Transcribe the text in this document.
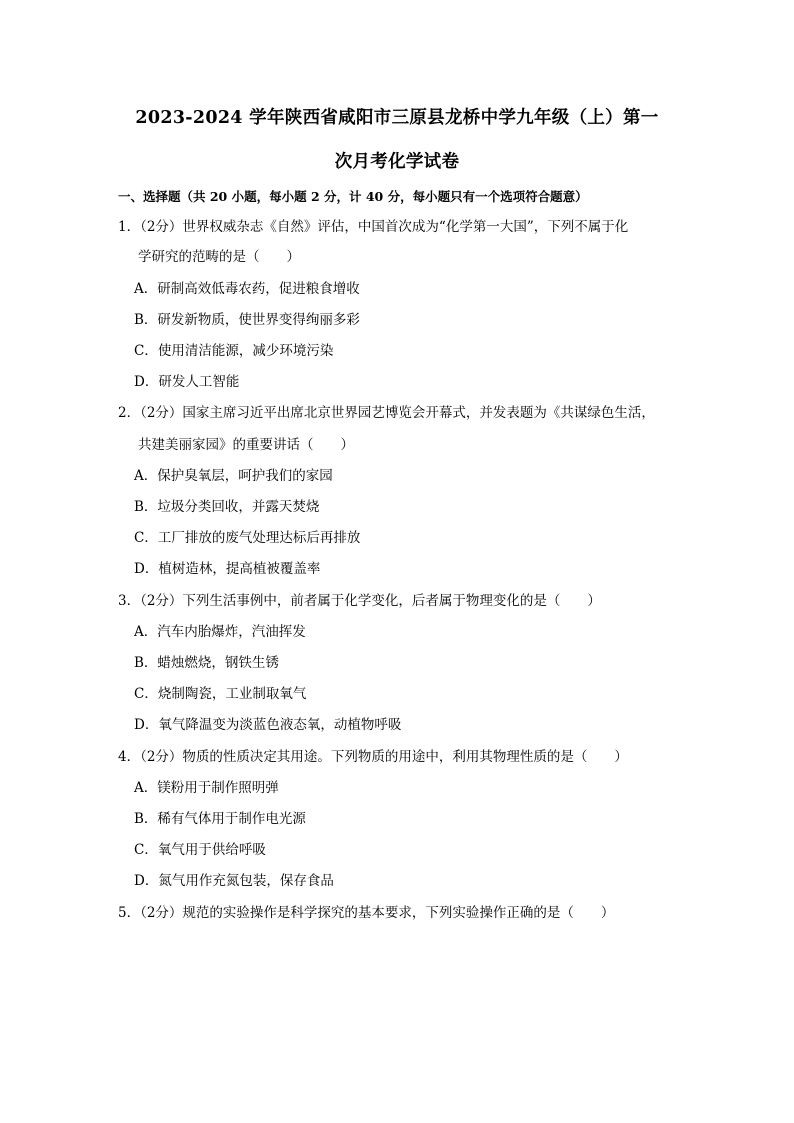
2023-2024 学年陕西省咸阳市三原县龙桥中学九年级（上）第一
次月考化学试卷
一、选择题（共 20 小题，每小题 2 分，计 40 分，每小题只有一个选项符合题意）
1．（2分）世界权威杂志《自然》评估，中国首次成为“化学第一大国”，下列不属于化
学研究的范畴的是（　　）
A．研制高效低毒农药，促进粮食增收
B．研发新物质，使世界变得绚丽多彩
C．使用清洁能源，减少环境污染
D．研发人工智能
2．（2分）国家主席习近平出席北京世界园艺博览会开幕式，并发表题为《共谋绿色生活，
共建美丽家园》的重要讲话（　　）
A．保护臭氧层，呵护我们的家园
B．垃圾分类回收，并露天焚烧
C．工厂排放的废气处理达标后再排放
D．植树造林，提高植被覆盖率
3．（2分）下列生活事例中，前者属于化学变化，后者属于物理变化的是（　　）
A．汽车内胎爆炸，汽油挥发
B．蜡烛燃烧，钢铁生锈
C．烧制陶瓷，工业制取氧气
D．氧气降温变为淡蓝色液态氧，动植物呼吸
4．（2分）物质的性质决定其用途。下列物质的用途中，利用其物理性质的是（　　）
A．镁粉用于制作照明弹
B．稀有气体用于制作电光源
C．氧气用于供给呼吸
D．氮气用作充氮包装，保存食品
5．（2分）规范的实验操作是科学探究的基本要求，下列实验操作正确的是（　　）
